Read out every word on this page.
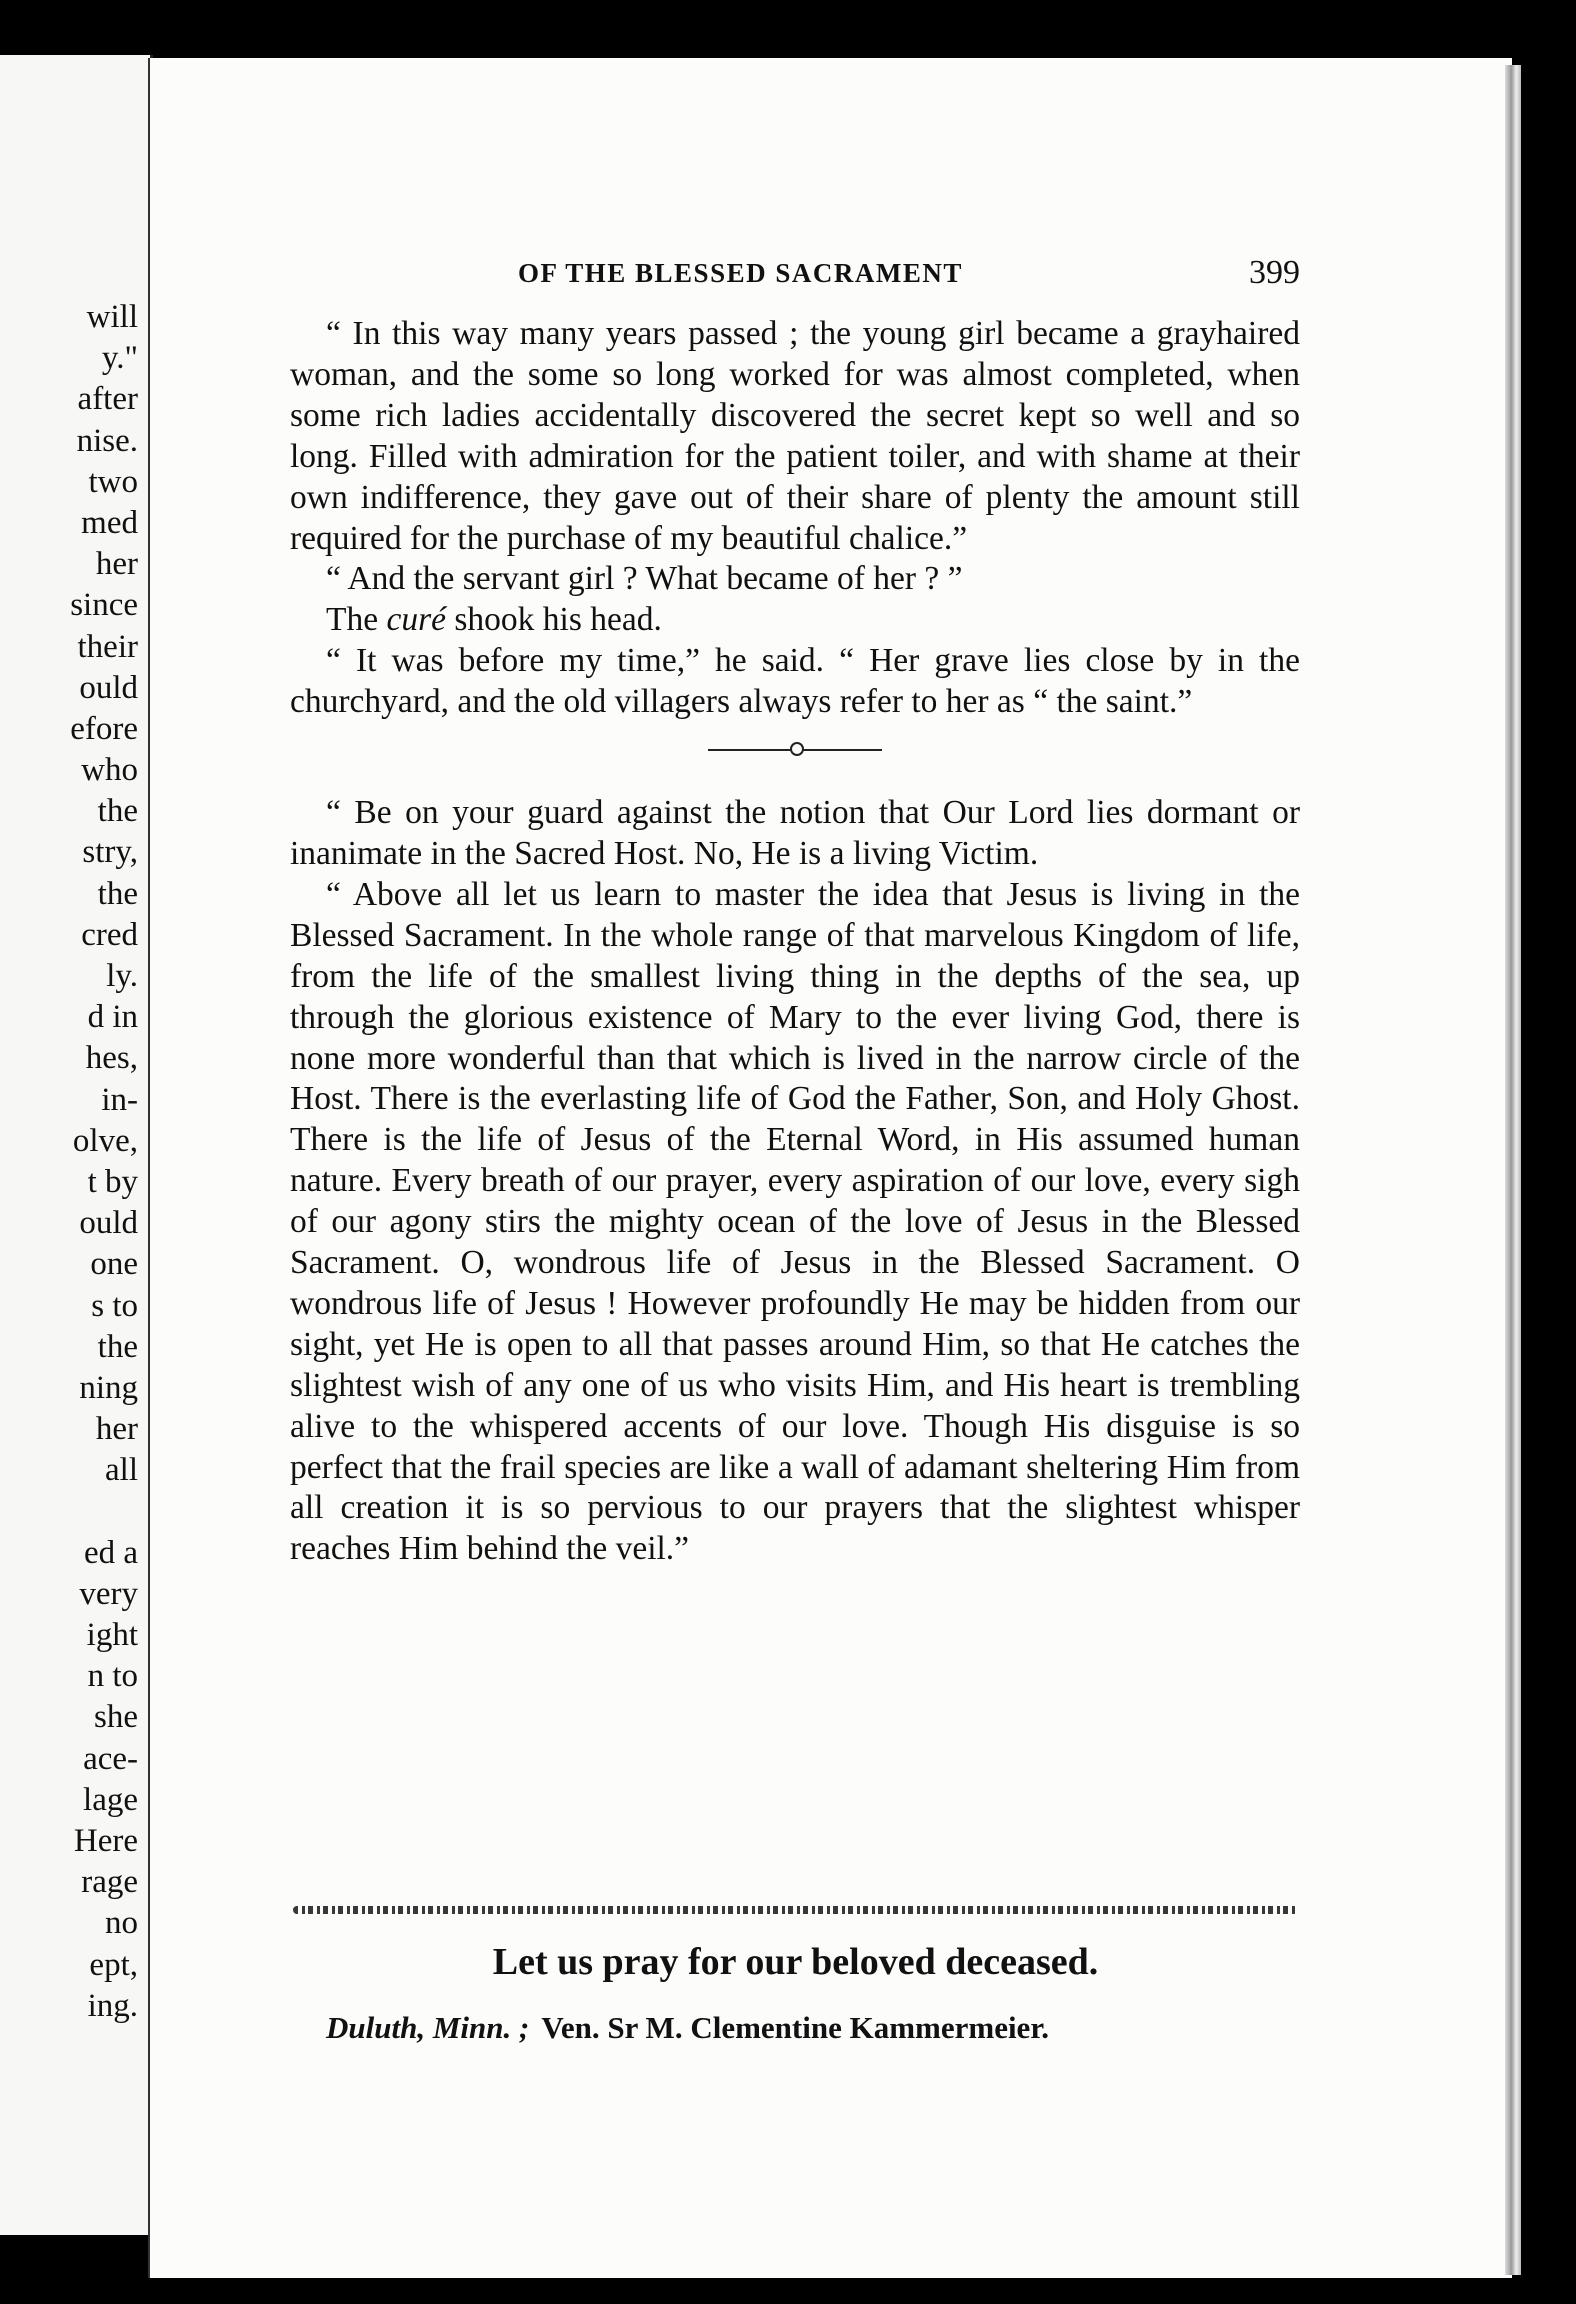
will
y."
after
nise.
two
med
her
since
their
ould
efore
who
the
stry,
the
cred
ly.
d in
hes,
in-
olve,
t by
ould
one
s to
the
ning
her
all
ed a
very
ight
n to
she
ace-
lage
Here
rage
no
ept,
ing.
OF THE BLESSED SACRAMENT	399

“ In this way many years passed ; the young girl became a grayhaired woman, and the some so long worked for was almost completed, when some rich ladies accidentally discovered the secret kept so well and so long. Filled with admiration for the patient toiler, and with shame at their own indifference, they gave out of their share of plenty the amount still required for the purchase of my beautiful chalice.”

“ And the servant girl ? What became of her ? ”

The curé shook his head.

“ It was before my time,” he said. “ Her grave lies close by in the churchyard, and the old villagers always refer to her as “ the saint.”

“ Be on your guard against the notion that Our Lord lies dormant or inanimate in the Sacred Host. No, He is a living Victim.

“ Above all let us learn to master the idea that Jesus is living in the Blessed Sacrament. In the whole range of that marvelous Kingdom of life, from the life of the smallest living thing in the depths of the sea, up through the glorious existence of Mary to the ever living God, there is none more wonderful than that which is lived in the narrow circle of the Host. There is the everlasting life of God the Father, Son, and Holy Ghost. There is the life of Jesus of the Eternal Word, in His assumed human nature. Every breath of our prayer, every aspiration of our love, every sigh of our agony stirs the mighty ocean of the love of Jesus in the Blessed Sacrament. O, wondrous life of Jesus in the Blessed Sacrament. O wondrous life of Jesus ! However profoundly He may be hidden from our sight, yet He is open to all that passes around Him, so that He catches the slightest wish of any one of us who visits Him, and His heart is trembling alive to the whispered accents of our love. Though His disguise is so perfect that the frail species are like a wall of adamant sheltering Him from all creation it is so pervious to our prayers that the slightest whisper reaches Him behind the veil.”

Let us pray for our beloved deceased.
Duluth, Minn. ; Ven. Sr M. Clementine Kammermeier.
